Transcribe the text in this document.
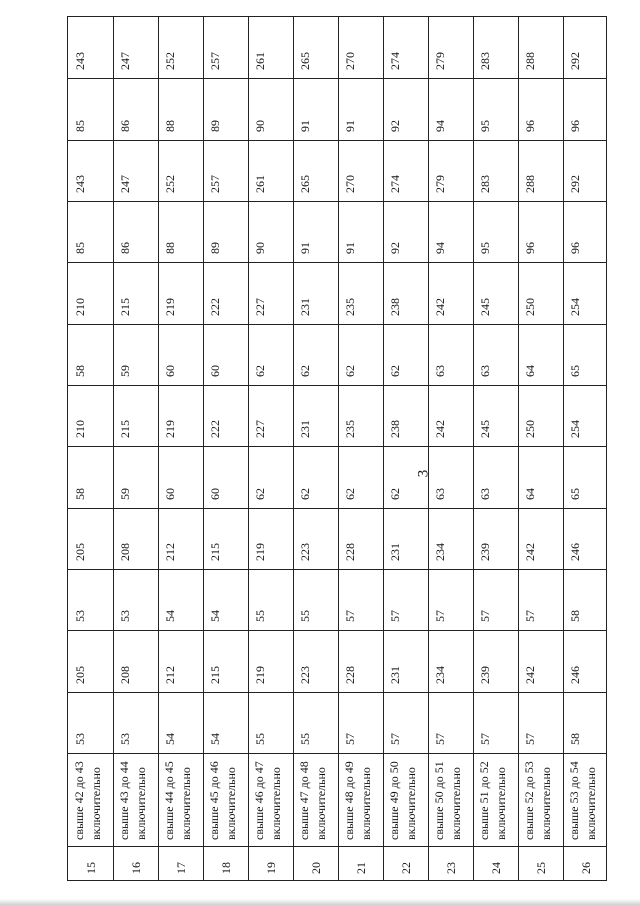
3
15
свыше 42 до 43 включительно
53
205
53
205
58
210
58
210
85
243
85
243
16
свыше 43 до 44 включительно
53
208
53
208
59
215
59
215
86
247
86
247
17
свыше 44 до 45 включительно
54
212
54
212
60
219
60
219
88
252
88
252
18
свыше 45 до 46 включительно
54
215
54
215
60
222
60
222
89
257
89
257
19
свыше 46 до 47 включительно
55
219
55
219
62
227
62
227
90
261
90
261
20
свыше 47 до 48 включительно
55
223
55
223
62
231
62
231
91
265
91
265
21
свыше 48 до 49 включительно
57
228
57
228
62
235
62
235
91
270
91
270
22
свыше 49 до 50 включительно
57
231
57
231
62
238
62
238
92
274
92
274
23
свыше 50 до 51 включительно
57
234
57
234
63
242
63
242
94
279
94
279
24
свыше 51 до 52 включительно
57
239
57
239
63
245
63
245
95
283
95
283
25
свыше 52 до 53 включительно
57
242
57
242
64
250
64
250
96
288
96
288
26
свыше 53 до 54 включительно
58
246
58
246
65
254
65
254
96
292
96
292
